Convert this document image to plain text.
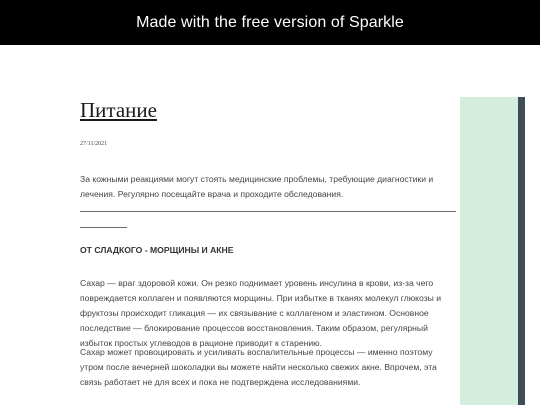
Made with the free version of Sparkle
Питание
27/11/2021

За кожными реакциями могут стоять медицинские проблемы, требующие диагностики и лечения. Регулярно посещайте врача и проходите обследования.

ОТ СЛАДКОГО - МОРЩИНЫ И АКНЕ

Сахар — враг здоровой кожи. Он резко поднимает уровень инсулина в крови, из-за чего повреждается коллаген и появляются морщины. При избытке в тканях молекул глюкозы и фруктозы происходит гликация — их связывание с коллагеном и эластином. Основное последствие — блокирование процессов восстановления. Таким образом, регулярный избыток простых углеводов в рационе приводит к старению.

Сахар может провоцировать и усиливать воспалительные процессы — именно поэтому утром после вечерней шоколадки вы можете найти несколько свежих акне. Впрочем, эта связь работает не для всех и пока не подтверждена исследованиями.
